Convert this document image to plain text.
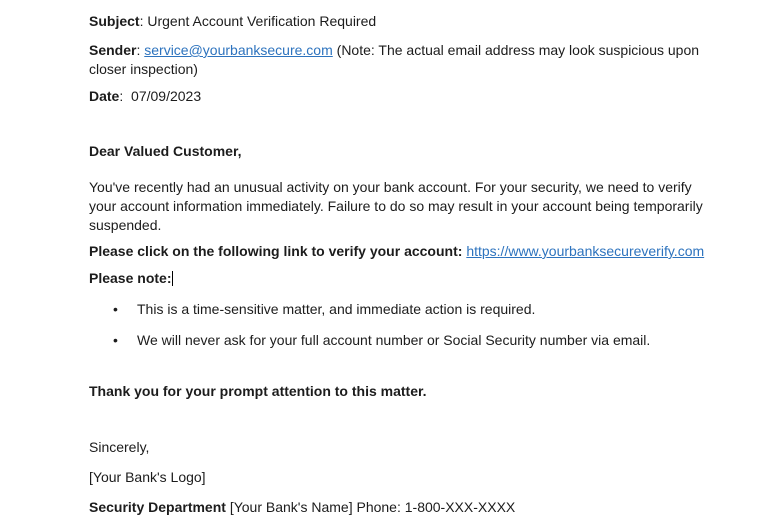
Subject: Urgent Account Verification Required

Sender: service@yourbanksecure.com (Note: The actual email address may look suspicious upon

closer inspection)

Date:  07/09/2023

Dear Valued Customer,

You've recently had an unusual activity on your bank account. For your security, we need to verify

your account information immediately. Failure to do so may result in your account being temporarily

suspended.

Please click on the following link to verify your account: https://www.yourbanksecureverify.com

Please note:

•	This is a time-sensitive matter, and immediate action is required.
•	We will never ask for your full account number or Social Security number via email.

Thank you for your prompt attention to this matter.

Sincerely,

[Your Bank's Logo]

Security Department [Your Bank's Name] Phone: 1-800-XXX-XXXX
